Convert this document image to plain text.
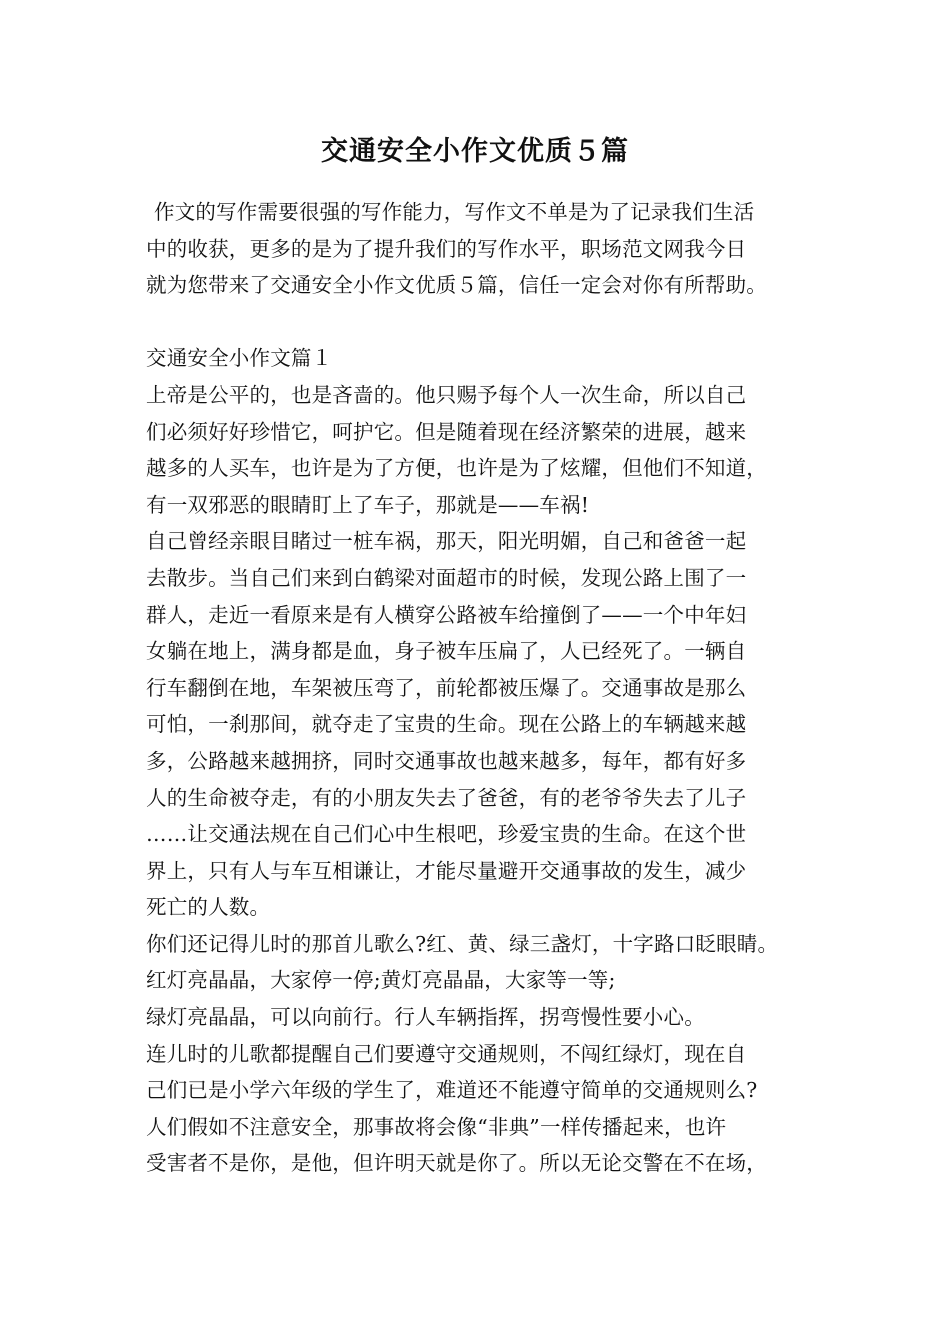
交通安全小作文优质５篇
作文的写作需要很强的写作能力，写作文不单是为了记录我们生活
中的收获，更多的是为了提升我们的写作水平，职场范文网我今日
就为您带来了交通安全小作文优质５篇，信任一定会对你有所帮助。
交通安全小作文篇１
上帝是公平的，也是吝啬的。他只赐予每个人一次生命，所以自己
们必须好好珍惜它，呵护它。但是随着现在经济繁荣的进展，越来
越多的人买车，也许是为了方便，也许是为了炫耀，但他们不知道，
有一双邪恶的眼睛盯上了车子，那就是——车祸!
自己曾经亲眼目睹过一桩车祸，那天，阳光明媚，自己和爸爸一起
去散步。当自己们来到白鹤梁对面超市的时候，发现公路上围了一
群人，走近一看原来是有人横穿公路被车给撞倒了——一个中年妇
女躺在地上，满身都是血，身子被车压扁了，人已经死了。一辆自
行车翻倒在地，车架被压弯了，前轮都被压爆了。交通事故是那么
可怕，一刹那间，就夺走了宝贵的生命。现在公路上的车辆越来越
多，公路越来越拥挤，同时交通事故也越来越多，每年，都有好多
人的生命被夺走，有的小朋友失去了爸爸，有的老爷爷失去了儿子
……让交通法规在自己们心中生根吧，珍爱宝贵的生命。在这个世
界上，只有人与车互相谦让，才能尽量避开交通事故的发生，减少
死亡的人数。
你们还记得儿时的那首儿歌么?红、黄、绿三盏灯，十字路口眨眼睛。
红灯亮晶晶，大家停一停;黄灯亮晶晶，大家等一等;
绿灯亮晶晶，可以向前行。行人车辆指挥，拐弯慢性要小心。
连儿时的儿歌都提醒自己们要遵守交通规则，不闯红绿灯，现在自
己们已是小学六年级的学生了，难道还不能遵守简单的交通规则么?
人们假如不注意安全，那事故将会像“非典”一样传播起来，也许
受害者不是你，是他，但许明天就是你了。所以无论交警在不在场，
